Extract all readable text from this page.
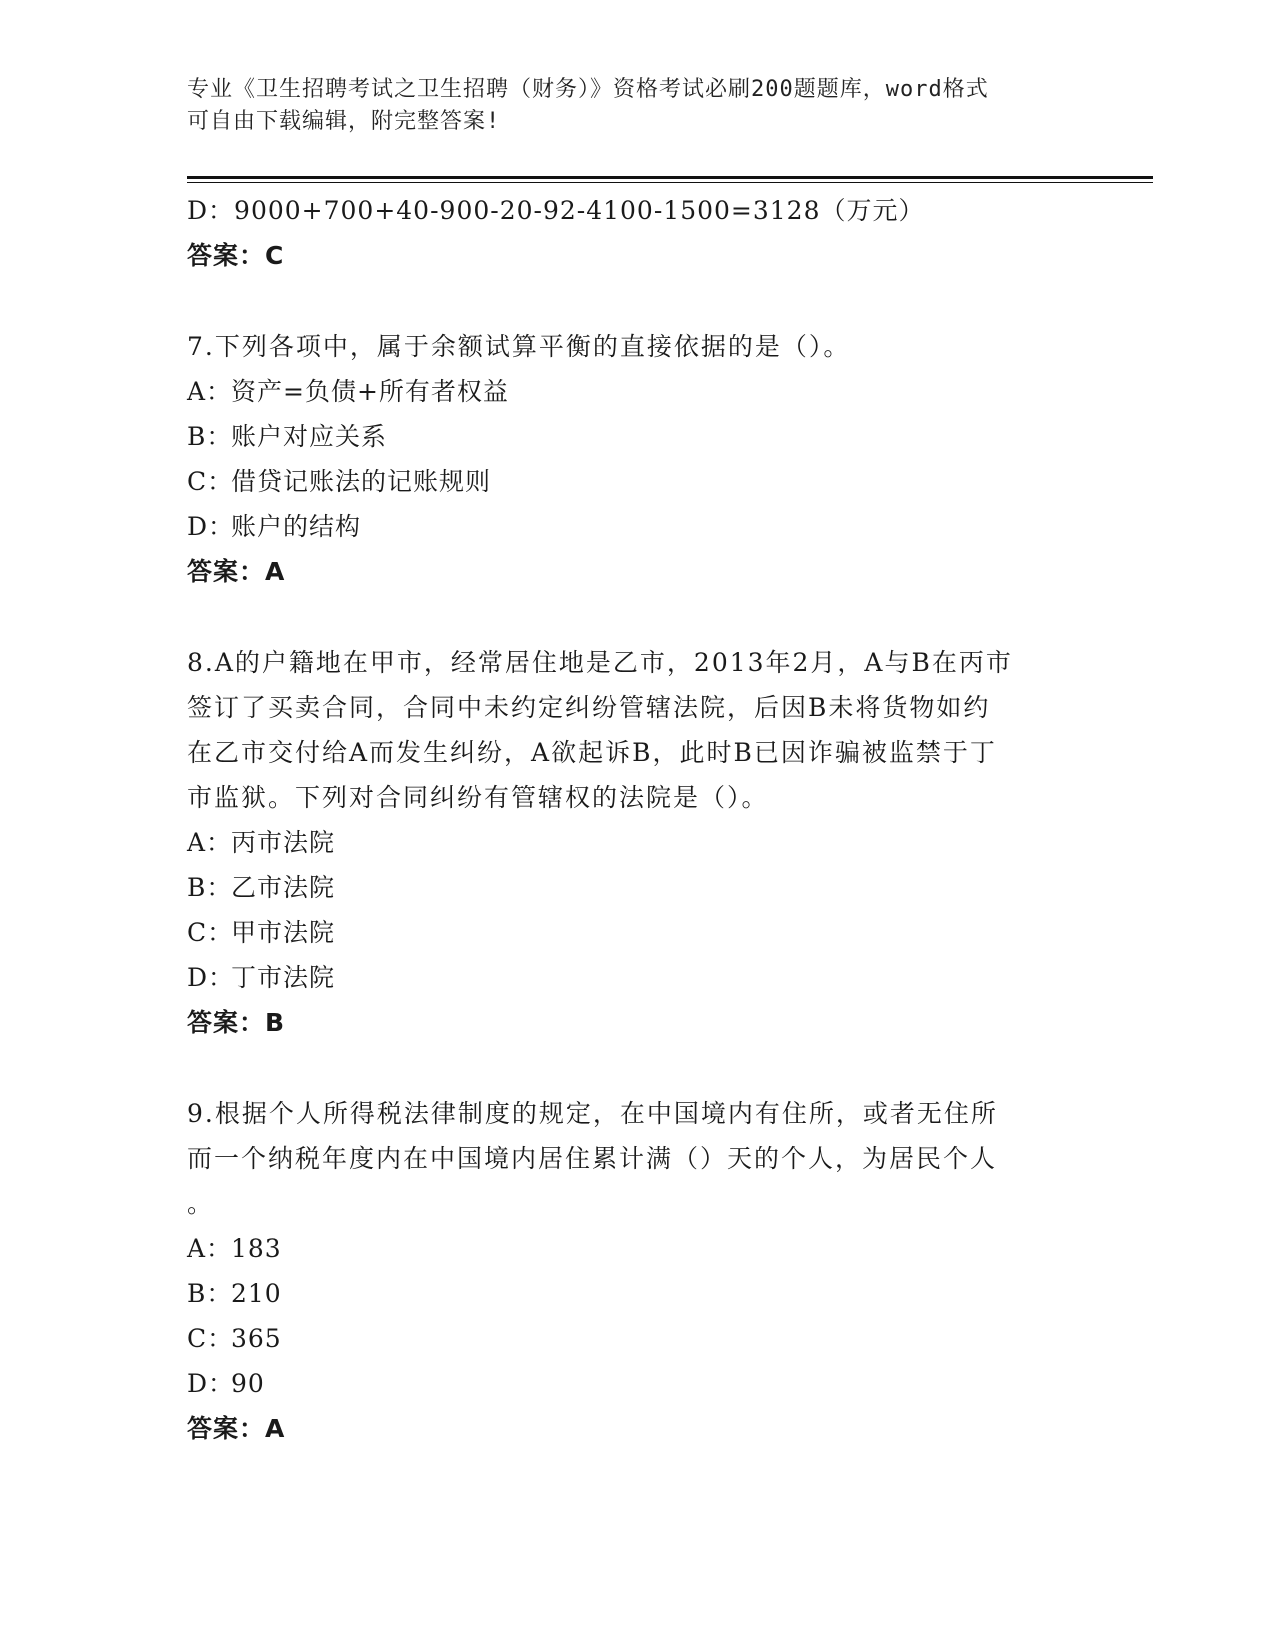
专业《卫生招聘考试之卫生招聘（财务）》资格考试必刷200题题库，word格式
可自由下载编辑，附完整答案!
D：9000+700+40-900-20-92-4100-1500=3128（万元）
答案：C
7.下列各项中，属于余额试算平衡的直接依据的是（）。
A：资产=负债+所有者权益
B：账户对应关系
C：借贷记账法的记账规则
D：账户的结构
答案：A
8.A的户籍地在甲市，经常居住地是乙市，2013年2月，A与B在丙市
签订了买卖合同，合同中未约定纠纷管辖法院，后因B未将货物如约
在乙市交付给A而发生纠纷，A欲起诉B，此时B已因诈骗被监禁于丁
市监狱。下列对合同纠纷有管辖权的法院是（）。
A：丙市法院
B：乙市法院
C：甲市法院
D：丁市法院
答案：B
9.根据个人所得税法律制度的规定，在中国境内有住所，或者无住所
而一个纳税年度内在中国境内居住累计满（）天的个人，为居民个人
。
A：183
B：210
C：365
D：90
答案：A
